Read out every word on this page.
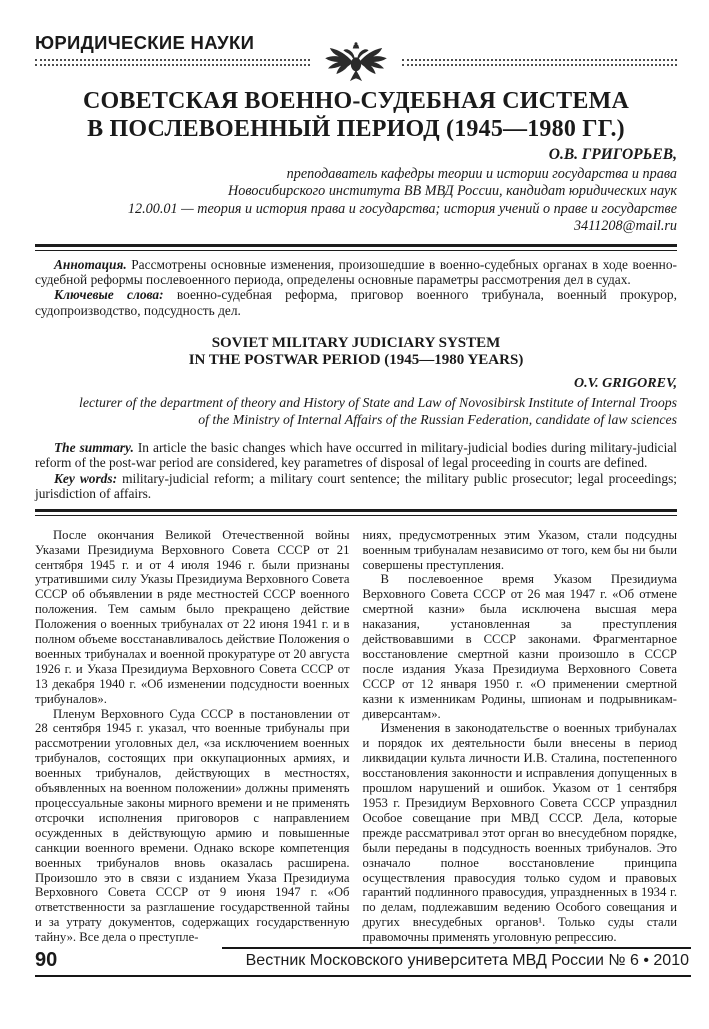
ЮРИДИЧЕСКИЕ НАУКИ
СОВЕТСКАЯ ВОЕННО-СУДЕБНАЯ СИСТЕМА
В ПОСЛЕВОЕННЫЙ ПЕРИОД (1945—1980 ГГ.)
О.В. ГРИГОРЬЕВ,
преподаватель кафедры теории и истории государства и права
Новосибирского института ВВ МВД России, кандидат юридических наук
12.00.01 — теория и история права и государства; история учений о праве и государстве
3411208@mail.ru

Аннотация. Рассмотрены основные изменения, произошедшие в военно-судебных органах в ходе военно-судебной реформы послевоенного периода, определены основные параметры рассмотрения дел в судах.

Ключевые слова: военно-судебная реформа, приговор военного трибунала, военный прокурор, судопроизводство, подсудность дел.

SOVIET MILITARY JUDICIARY SYSTEM
IN THE POSTWAR PERIOD (1945—1980 YEARS)
O.V. GRIGOREV,
lecturer of the department of theory and History of State and Law of Novosibirsk Institute of Internal Troops
of the Ministry of Internal Affairs of the Russian Federation, candidate of law sciences

The summary. In article the basic changes which have occurred in military-judicial bodies during military-judicial reform of the post-war period are considered, key parametres of disposal of legal proceeding in courts are defined.

Key words: military-judicial reform; a military court sentence; the military public prosecutor; legal proceedings; jurisdiction of affairs.

После окончания Великой Отечественной войны Указами Президиума Верховного Совета СССР от 21 сентября 1945 г. и от 4 июля 1946 г. были признаны утратившими силу Указы Президиума Верховного Совета СССР об объявлении в ряде местностей СССР военного положения. Тем самым было прекращено действие Положения о военных трибуналах от 22 июня 1941 г. и в полном объеме восстанавливалось действие Положения о военных трибуналах и военной прокуратуре от 20 августа 1926 г. и Указа Президиума Верховного Совета СССР от 13 декабря 1940 г. «Об изменении подсудности военных трибуналов».

Пленум Верховного Суда СССР в постановлении от 28 сентября 1945 г. указал, что военные трибуналы при рассмотрении уголовных дел, «за исключением военных трибуналов, состоящих при оккупационных армиях, и военных трибуналов, действующих в местностях, объявленных на военном положении» должны применять процессуальные законы мирного времени и не применять отсрочки исполнения приговоров с направлением осужденных в действующую армию и повышенные санкции военного времени. Однако вскоре компетенция военных трибуналов вновь оказалась расширена. Произошло это в связи с изданием Указа Президиума Верховного Совета СССР от 9 июня 1947 г. «Об ответственности за разглашение государственной тайны и за утрату документов, содержащих государственную тайну». Все дела о преступле-

ниях, предусмотренных этим Указом, стали подсудны военным трибуналам независимо от того, кем бы ни были совершены преступления.

В послевоенное время Указом Президиума Верховного Совета СССР от 26 мая 1947 г. «Об отмене смертной казни» была исключена высшая мера наказания, установленная за преступления действовавшими в СССР законами. Фрагментарное восстановление смертной казни произошло в СССР после издания Указа Президиума Верховного Совета СССР от 12 января 1950 г. «О применении смертной казни к изменникам Родины, шпионам и подрывникам-диверсантам».

Изменения в законодательстве о военных трибуналах и порядок их деятельности были внесены в период ликвидации культа личности И.В. Сталина, постепенного восстановления законности и исправления допущенных в прошлом нарушений и ошибок. Указом от 1 сентября 1953 г. Президиум Верховного Совета СССР упразднил Особое совещание при МВД СССР. Дела, которые прежде рассматривал этот орган во внесудебном порядке, были переданы в подсудность военных трибуналов. Это означало полное восстановление принципа осуществления правосудия только судом и правовых гарантий подлинного правосудия, упраздненных в 1934 г. по делам, подлежавшим ведению Особого совещания и других внесудебных органов¹. Только суды стали правомочны применять уголовную репрессию.

90	Вестник Московского университета МВД России № 6 • 2010
